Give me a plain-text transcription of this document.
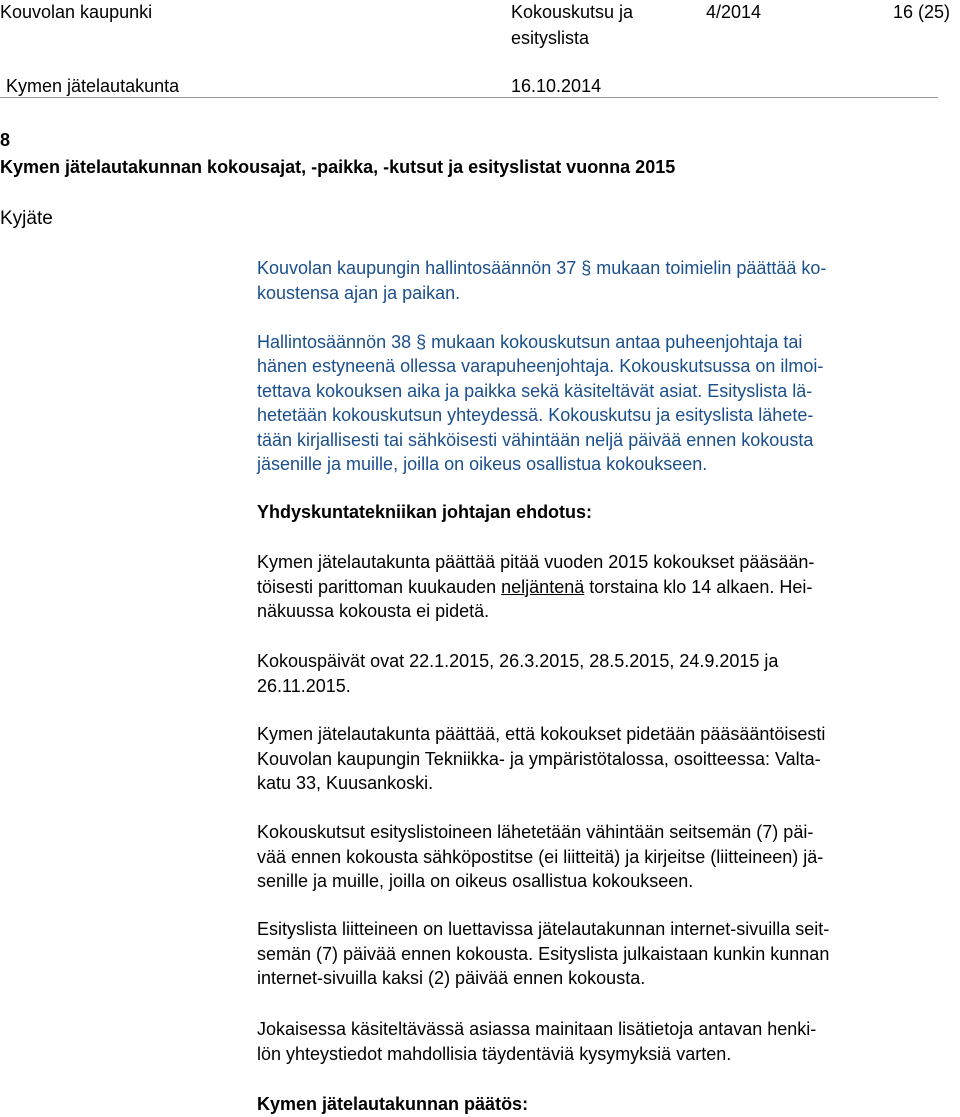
Kouvolan kaupunki	Kokouskutsu ja
esityslista
4/2014	16 (25)
Kymen jätelautakunta	16.10.2014
8
Kymen jätelautakunnan kokousajat, -paikka, -kutsut ja esityslistat vuonna 2015
Kyjäte
Kouvolan kaupungin hallintosäännön 37 § mukaan toimielin päättää ko-
koustensa ajan ja paikan.
Hallintosäännön 38 § mukaan kokouskutsun antaa puheenjohtaja tai
hänen estyneenä ollessa varapuheenjohtaja. Kokouskutsussa on ilmoi-
tettava kokouksen aika ja paikka sekä käsiteltävät asiat. Esityslista lä-
hetetään kokouskutsun yhteydessä. Kokouskutsu ja esityslista lähete-
tään kirjallisesti tai sähköisesti vähintään neljä päivää ennen kokousta
jäsenille ja muille, joilla on oikeus osallistua kokoukseen.
Yhdyskuntatekniikan johtajan ehdotus:
Kymen jätelautakunta päättää pitää vuoden 2015 kokoukset pääsään-
töisesti parittoman kuukauden neljäntenä torstaina klo 14 alkaen. Hei-
näkuussa kokousta ei pidetä.
Kokouspäivät ovat 22.1.2015, 26.3.2015, 28.5.2015, 24.9.2015 ja
26.11.2015.
Kymen jätelautakunta päättää, että kokoukset pidetään pääsääntöisesti
Kouvolan kaupungin Tekniikka- ja ympäristötalossa, osoitteessa: Valta-
katu 33, Kuusankoski.
Kokouskutsut esityslistoineen lähetetään vähintään seitsemän (7) päi-
vää ennen kokousta sähköpostitse (ei liitteitä) ja kirjeitse (liitteineen) jä-
senille ja muille, joilla on oikeus osallistua kokoukseen.
Esityslista liitteineen on luettavissa jätelautakunnan internet-sivuilla seit-
semän (7) päivää ennen kokousta. Esityslista julkaistaan kunkin kunnan
internet-sivuilla kaksi (2) päivää ennen kokousta.
Jokaisessa käsiteltävässä asiassa mainitaan lisätietoja antavan henki-
lön yhteystiedot mahdollisia täydentäviä kysymyksiä varten.
Kymen jätelautakunnan päätös:
